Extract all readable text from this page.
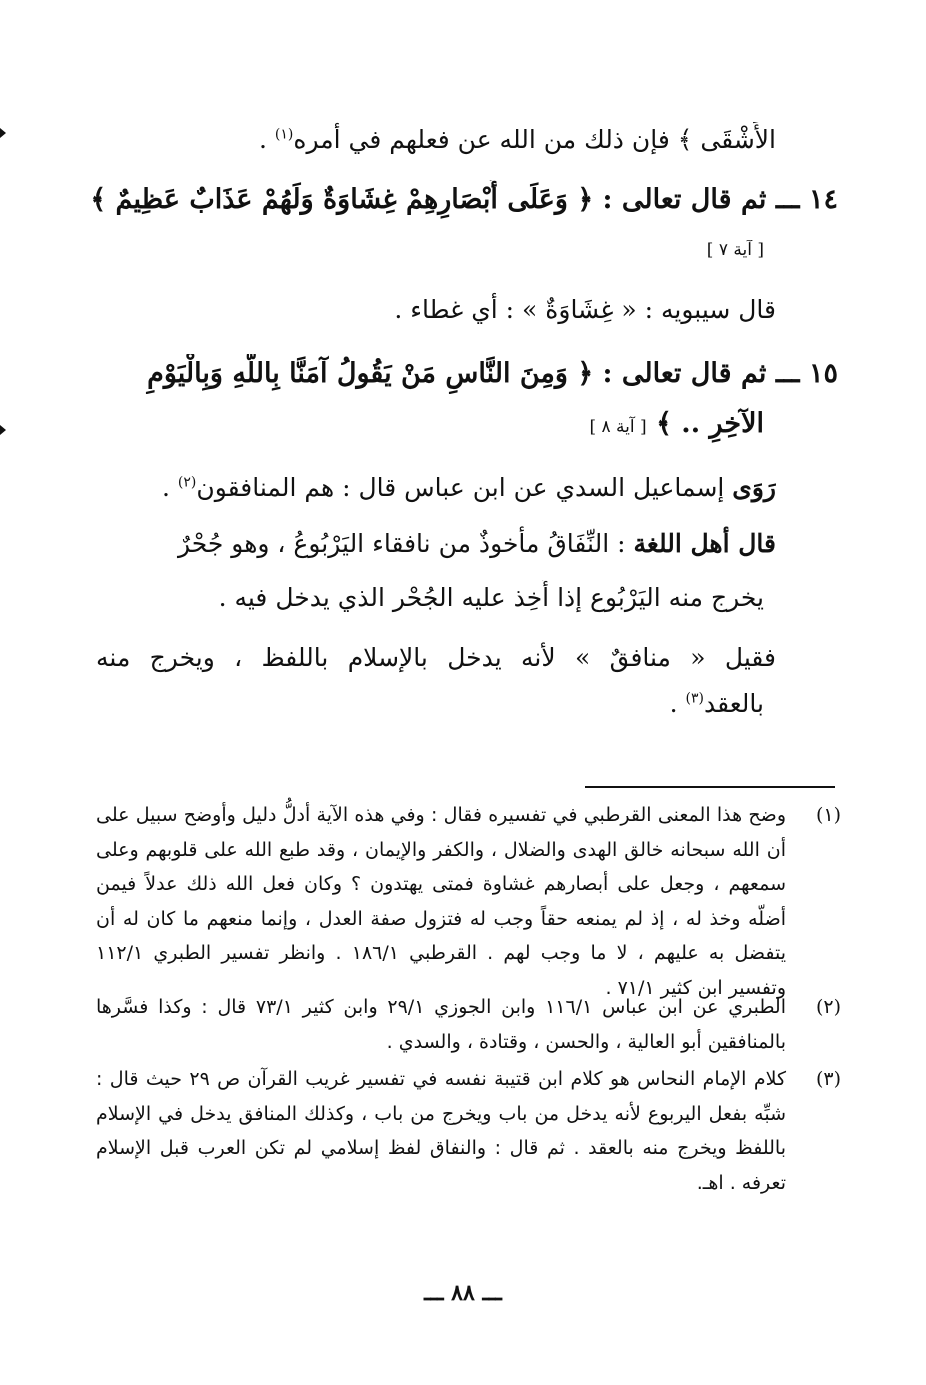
الأَشْقَى ﴾ فإن ذلك من الله عن فعلهم في أمره$^{(١)}$ .
١٤ ـــ ثم قال تعالى : ﴿ وَعَلَى أَبْصَارِهِمْ غِشَاوَةٌ وَلَهُمْ عَذَابٌ عَظِيمٌ ﴾
[ آية ٧ ]
قال سيبويه : « غِشَاوَةٌ » : أي غطاء .
١٥ ـــ ثم قال تعالى : ﴿ وَمِنَ النَّاسِ مَنْ يَقُولُ آمَنَّا بِاللَّهِ وَبِالْيَوْمِ
الآخِرِ .. ﴾ [ آية ٨ ]
رَوَى إسماعيل السدي عن ابن عباس قال : هم المنافقون$^{(٢)}$ .
قال أهل اللغة : النِّفَاقُ مأخوذٌ من نافقاء اليَرْبُوعُ ، وهو جُحْرٌ
يخرج منه اليَرْبُوع إذا أُخِذ عليه الجُحْر الذي يدخل فيه .
فقيل « منافقٌ » لأنه يدخل بالإسلام باللفظ ، ويخرج منه
بالعقد$^{(٣)}$ .
(١)
وضح هذا المعنى القرطبي في تفسيره فقال : وفي هذه الآية أدلُّ دليل وأوضح سبيل على أن الله سبحانه خالق الهدى والضلال ، والكفر والإيمان ، وقد طبع الله على قلوبهم وعلى سمعهم ، وجعل على أبصارهم غشاوة فمتى يهتدون ؟ وكان فعل الله ذلك عدلاً فيمن أضلّه وخذ له ، إذ لم يمنعه حقاً وجب له فتزول صفة العدل ، وإنما منعهم ما كان له أن يتفضل به عليهم ، لا ما وجب لهم . القرطبي ١٨٦/١ . وانظر تفسير الطبري ١١٢/١ وتفسير ابن كثير ٧١/١ .
(٢)
الطبري عن ابن عباس ١١٦/١ وابن الجوزي ٢٩/١ وابن كثير ٧٣/١ قال : وكذا فسَّرها بالمنافقين أبو العالية ، والحسن ، وقتادة ، والسدي .
(٣)
كلام الإمام النحاس هو كلام ابن قتيبة نفسه في تفسير غريب القرآن ص ٢٩ حيث قال : شبِّه بفعل اليربوع لأنه يدخل من باب ويخرج من باب ، وكذلك المنافق يدخل في الإسلام باللفظ ويخرج منه بالعقد . ثم قال : والنفاق لفظ إسلامي لم تكن العرب قبل الإسلام تعرفه . اهـ.
ـــ ٨٨ ـــ
